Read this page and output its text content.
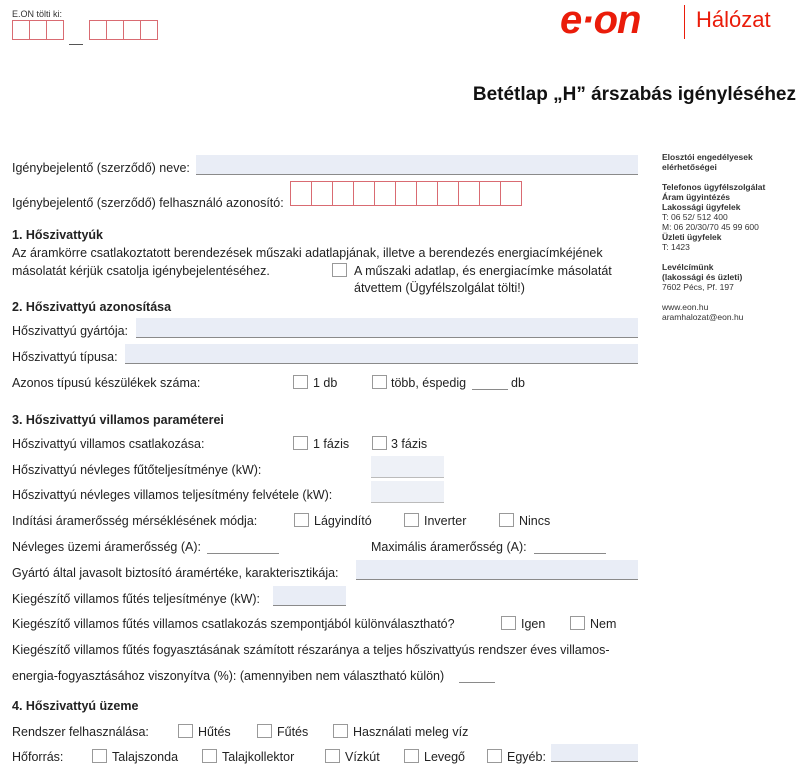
E.ON tölti ki:
	e·on	Hálózat
Betétlap „H” árszabás igényléséhez
Elosztói engedélyesek
elérhetőségei

Telefonos ügyfélszolgálat
Áram ügyintézés
Lakossági ügyfelek
T: 06 52/ 512 400
M: 06 20/30/70 45 99 600
Üzleti ügyfelek
T: 1423

Levélcímünk
(lakossági és üzleti)
7602 Pécs, Pf. 197

www.eon.hu
aramhalozat@eon.hu
Igénybejelentő (szerződő) neve:
Igénybejelentő (szerződő) felhasználó azonosító:
1. Hőszivattyúk
Az áramkörre csatlakoztatott berendezések műszaki adatlapjának, illetve a berendezés energiacímkéjének
másolatát kérjük csatolja igénybejelentéséhez.	A műszaki adatlap, és energiacímke másolatát
átvettem (Ügyfélszolgálat tölti!)
2. Hőszivattyú azonosítása
Hőszivattyú gyártója:
Hőszivattyú típusa:
Azonos típusú készülékek száma:	1 db	több, éspedig	db
3. Hőszivattyú villamos paraméterei
Hőszivattyú villamos csatlakozása:	1 fázis	3 fázis
Hőszivattyú névleges fűtőteljesítménye (kW):
Hőszivattyú névleges villamos teljesítmény felvétele (kW):
Indítási áramerősség mérséklésének módja:	Lágyindító	Inverter	Nincs
Névleges üzemi áramerősség (A):	Maximális áramerősség (A):
Gyártó által javasolt biztosító áramértéke, karakterisztikája:
Kiegészítő villamos fűtés teljesítménye (kW):
Kiegészítő villamos fűtés villamos csatlakozás szempontjából különválasztható?	Igen	Nem
Kiegészítő villamos fűtés fogyasztásának számított részaránya a teljes hőszivattyús rendszer éves villamos-
energia-fogyasztásához viszonyítva (%): (amennyiben nem választható külön)
4. Hőszivattyú üzeme
Rendszer felhasználása:	Hűtés	Fűtés	Használati meleg víz
Hőforrás:	Talajszonda	Talajkollektor	Vízkút	Levegő	Egyéb:
